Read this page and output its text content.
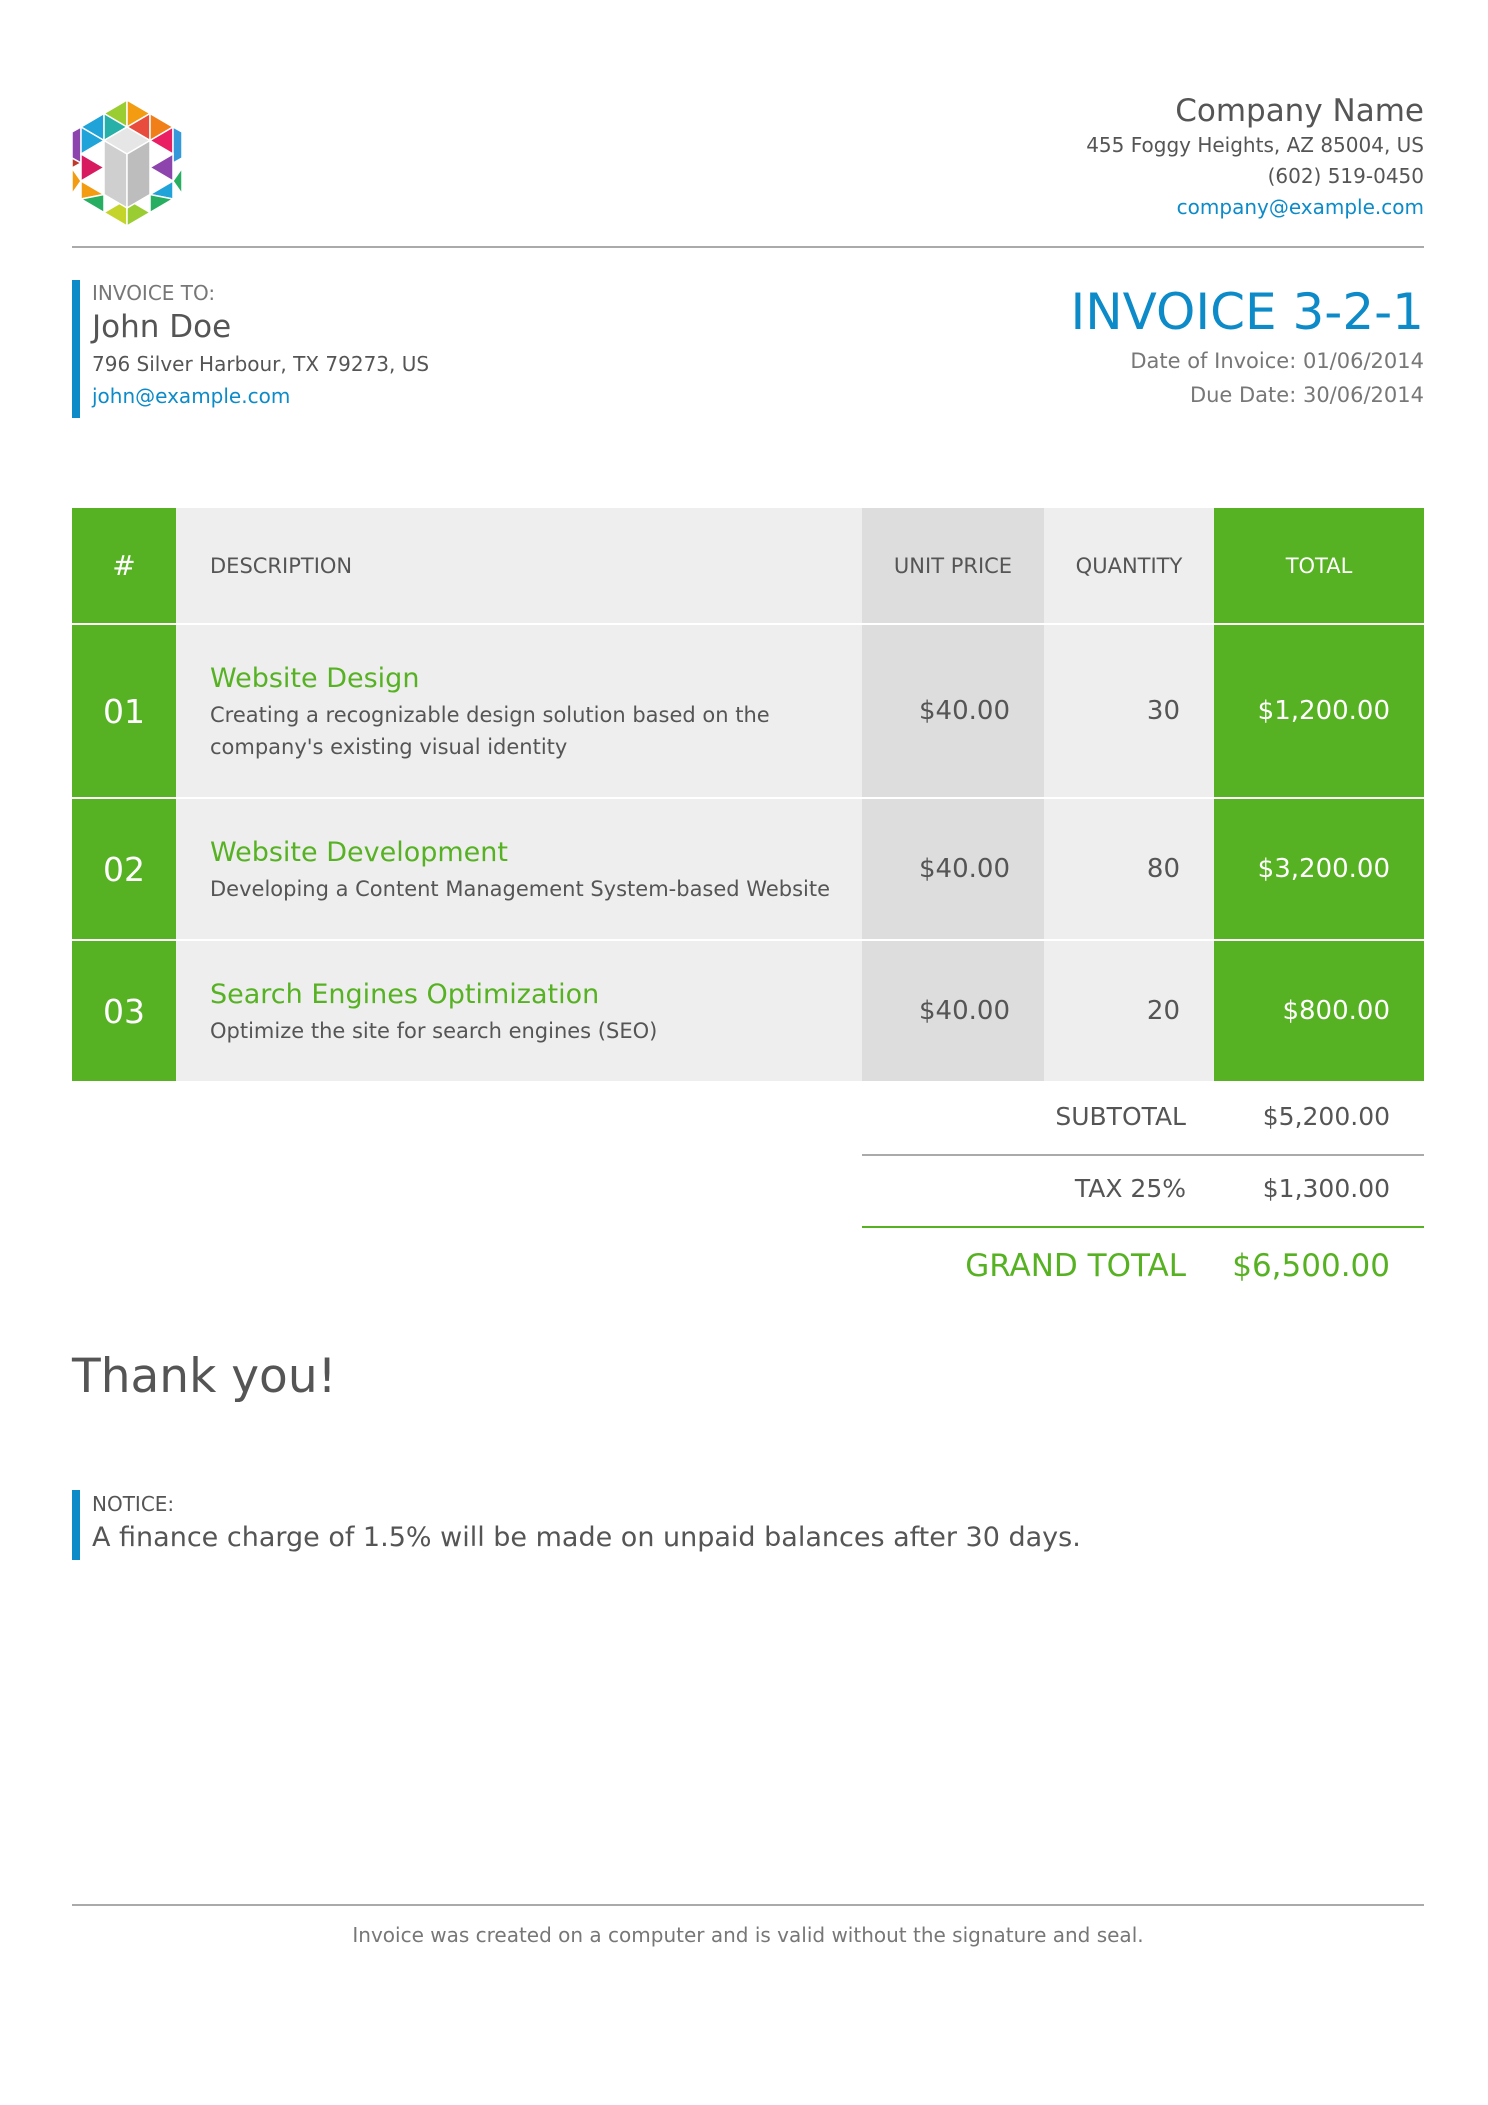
Company Name
455 Foggy Heights, AZ 85004, US
(602) 519-0450
company@example.com
INVOICE TO:
John Doe
796 Silver Harbour, TX 79273, US
john@example.com
INVOICE 3-2-1
Date of Invoice: 01/06/2014
Due Date: 30/06/2014
#	DESCRIPTION	UNIT PRICE	QUANTITY	TOTAL
01	Website Design
Creating a recognizable design solution based on the company's existing visual identity	$40.00	30	$1,200.00
02	Website Development
Developing a Content Management System-based Website	$40.00	80	$3,200.00
03	Search Engines Optimization
Optimize the site for search engines (SEO)	$40.00	20	$800.00
SUBTOTAL	$5,200.00
TAX 25%	$1,300.00
GRAND TOTAL $6,500.00
Thank you!
NOTICE:
A finance charge of 1.5% will be made on unpaid balances after 30 days.
Invoice was created on a computer and is valid without the signature and seal.
